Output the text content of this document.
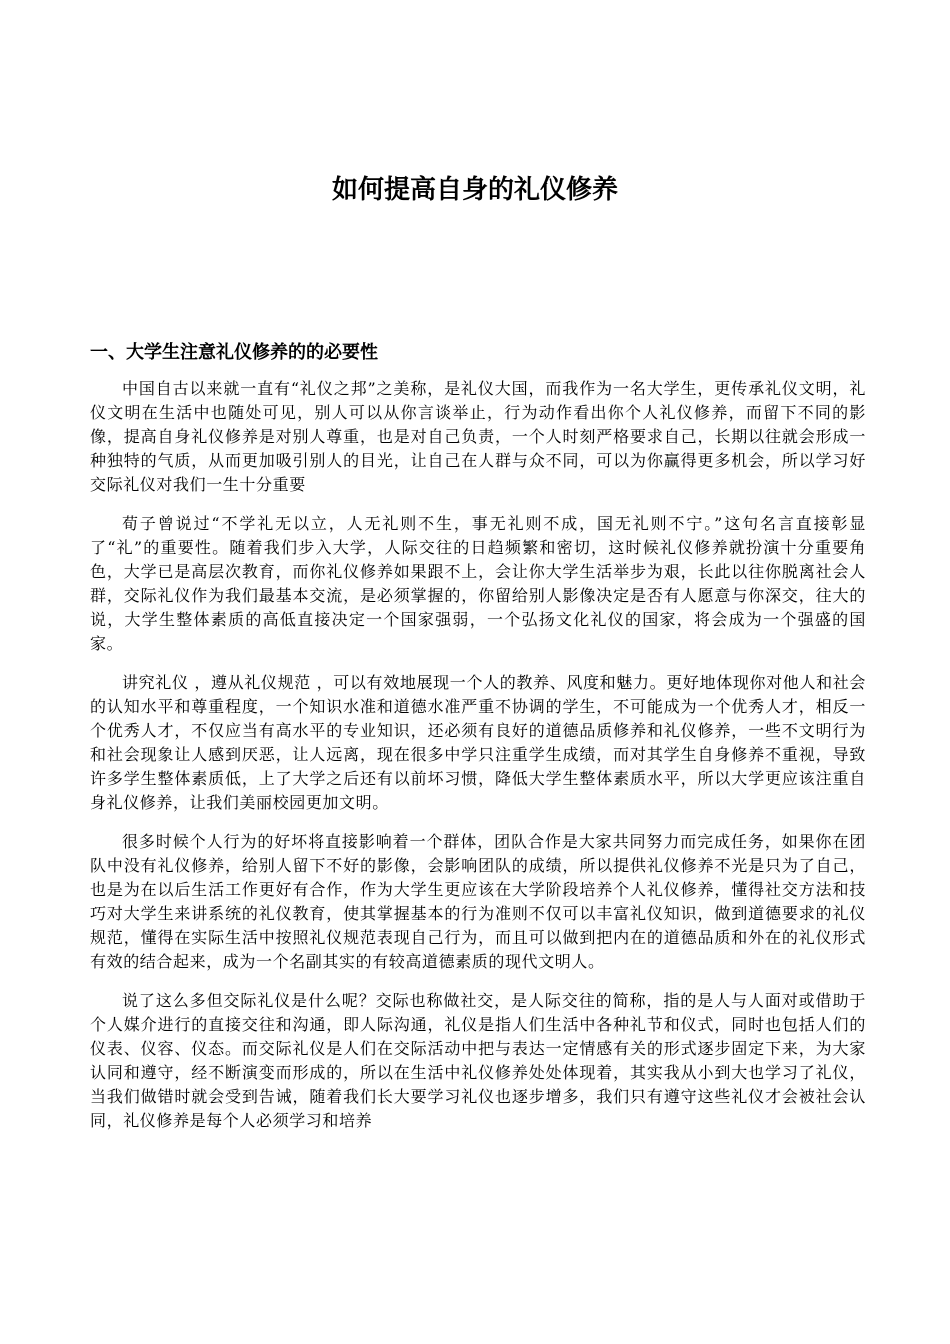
如何提高自身的礼仪修养
一、大学生注意礼仪修养的的必要性

中国自古以来就一直有“礼仪之邦”之美称，是礼仪大国，而我作为一名大学生，更传承礼仪文明，礼仪文明在生活中也随处可见，别人可以从你言谈举止，行为动作看出你个人礼仪修养，而留下不同的影像，提高自身礼仪修养是对别人尊重，也是对自己负责，一个人时刻严格要求自己，长期以往就会形成一种独特的气质，从而更加吸引别人的目光，让自己在人群与众不同，可以为你赢得更多机会，所以学习好交际礼仪对我们一生十分重要

荀子曾说过“不学礼无以立，人无礼则不生，事无礼则不成，国无礼则不宁。”这句名言直接彰显了“礼”的重要性。随着我们步入大学，人际交往的日趋频繁和密切，这时候礼仪修养就扮演十分重要角色，大学已是高层次教育，而你礼仪修养如果跟不上，会让你大学生活举步为艰，长此以往你脱离社会人群，交际礼仪作为我们最基本交流，是必须掌握的，你留给别人影像决定是否有人愿意与你深交，往大的说，大学生整体素质的高低直接决定一个国家强弱，一个弘扬文化礼仪的国家，将会成为一个强盛的国家。

讲究礼仪 ，遵从礼仪规范 ，可以有效地展现一个人的教养、风度和魅力。更好地体现你对他人和社会的认知水平和尊重程度，一个知识水准和道德水准严重不协调的学生，不可能成为一个优秀人才，相反一个优秀人才，不仅应当有高水平的专业知识，还必须有良好的道德品质修养和礼仪修养，一些不文明行为和社会现象让人感到厌恶，让人远离，现在很多中学只注重学生成绩，而对其学生自身修养不重视，导致许多学生整体素质低，上了大学之后还有以前坏习惯，降低大学生整体素质水平，所以大学更应该注重自身礼仪修养，让我们美丽校园更加文明。

很多时候个人行为的好坏将直接影响着一个群体，团队合作是大家共同努力而完成任务，如果你在团队中没有礼仪修养，给别人留下不好的影像，会影响团队的成绩，所以提供礼仪修养不光是只为了自己，也是为在以后生活工作更好有合作，作为大学生更应该在大学阶段培养个人礼仪修养，懂得社交方法和技巧对大学生来讲系统的礼仪教育，使其掌握基本的行为准则不仅可以丰富礼仪知识，做到道德要求的礼仪规范，懂得在实际生活中按照礼仪规范表现自己行为，而且可以做到把内在的道德品质和外在的礼仪形式有效的结合起来，成为一个名副其实的有较高道德素质的现代文明人。

说了这么多但交际礼仪是什么呢？交际也称做社交，是人际交往的简称，指的是人与人面对或借助于个人媒介进行的直接交往和沟通，即人际沟通，礼仪是指人们生活中各种礼节和仪式，同时也包括人们的仪表、仪容、仪态。而交际礼仪是人们在交际活动中把与表达一定情感有关的形式逐步固定下来，为大家认同和遵守，经不断演变而形成的，所以在生活中礼仪修养处处体现着，其实我从小到大也学习了礼仪，当我们做错时就会受到告诫，随着我们长大要学习礼仪也逐步增多，我们只有遵守这些礼仪才会被社会认同，礼仪修养是每个人必须学习和培养
